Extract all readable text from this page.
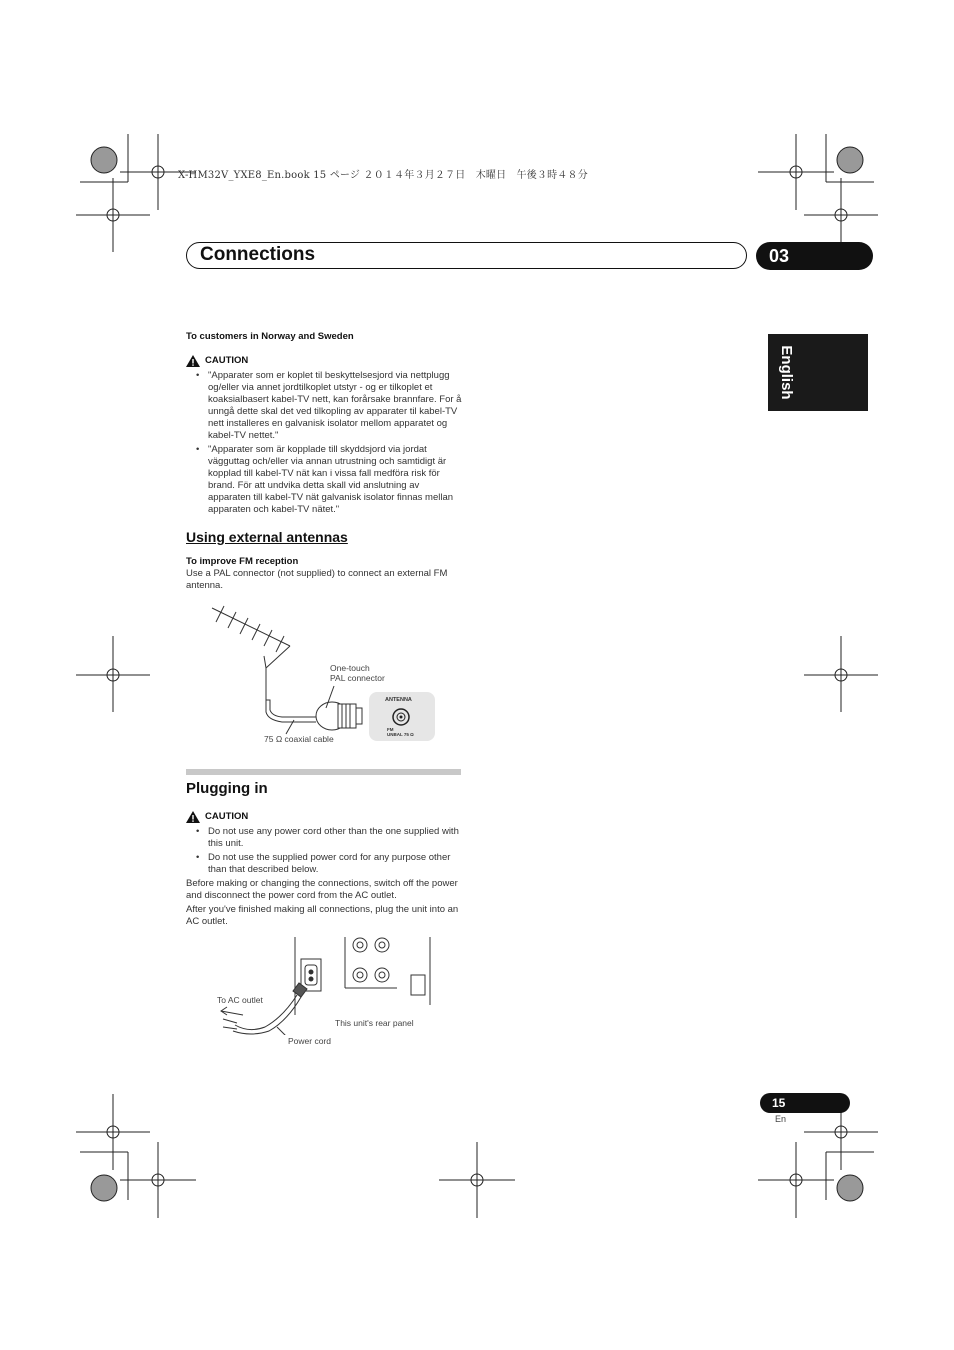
X-HM32V_YXE8_En.book 15 ページ ２０１４年３月２７日　木曜日　午後３時４８分
Connections	03
English
To customers in Norway and Sweden
CAUTION
• "Apparater som er koplet til beskyttelsesjord via nettplugg og/eller via annet jordtilkoplet utstyr - og er tilkoplet et koaksialbasert kabel-TV nett, kan forårsake brannfare. For å unngå dette skal det ved tilkopling av apparater til kabel-TV nett installeres en galvanisk isolator mellom apparatet og kabel-TV nettet."
• "Apparater som är kopplade till skyddsjord via jordat vägguttag och/eller via annan utrustning och samtidigt är kopplad till kabel-TV nät kan i vissa fall medföra risk för brand. För att undvika detta skall vid anslutning av apparaten till kabel-TV nät galvanisk isolator finnas mellan apparaten och kabel-TV nätet."
Using external antennas
To improve FM reception
Use a PAL connector (not supplied) to connect an external FM antenna.
One-touch
PAL connector
75 Ω coaxial cable
ANTENNA
FM
UNBAL 75 Ω
Plugging in
CAUTION
• Do not use any power cord other than the one supplied with this unit.
• Do not use the supplied power cord for any purpose other than that described below.
Before making or changing the connections, switch off the power and disconnect the power cord from the AC outlet.
After you've finished making all connections, plug the unit into an AC outlet.
To AC outlet
This unit's rear panel
Power cord
15
En
